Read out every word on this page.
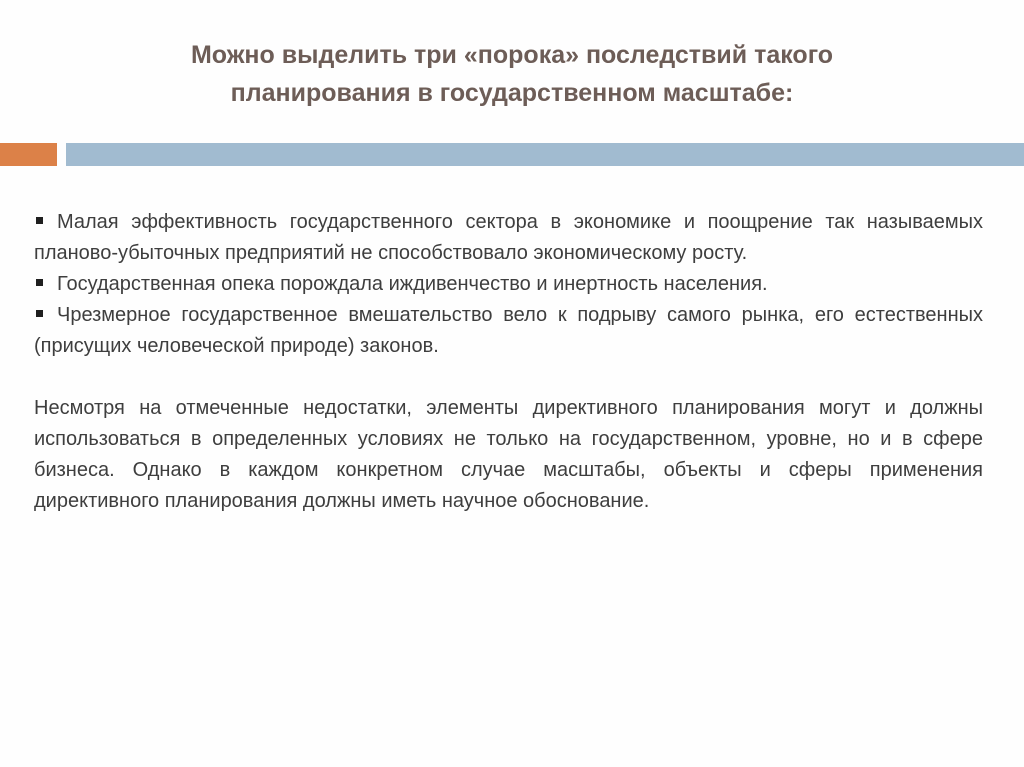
Можно выделить три «порока» последствий такого
планирования в государственном масштабе:

Малая эффективность государственного сектора в экономике и поощрение так называемых планово-убыточных предприятий не способствовало экономическому росту.

Государственная опека порождала иждивенчество и инертность населения.

Чрезмерное государственное вмешательство вело к подрыву самого рынка, его естественных (присущих человеческой природе) законов.

Несмотря на отмеченные недостатки, элементы директивного планирования могут и должны использоваться в определенных условиях не только на государственном, уровне, но и в сфере бизнеса. Однако в каждом конкретном случае масштабы, объекты и сферы применения директивного планирования должны иметь научное обоснование.
